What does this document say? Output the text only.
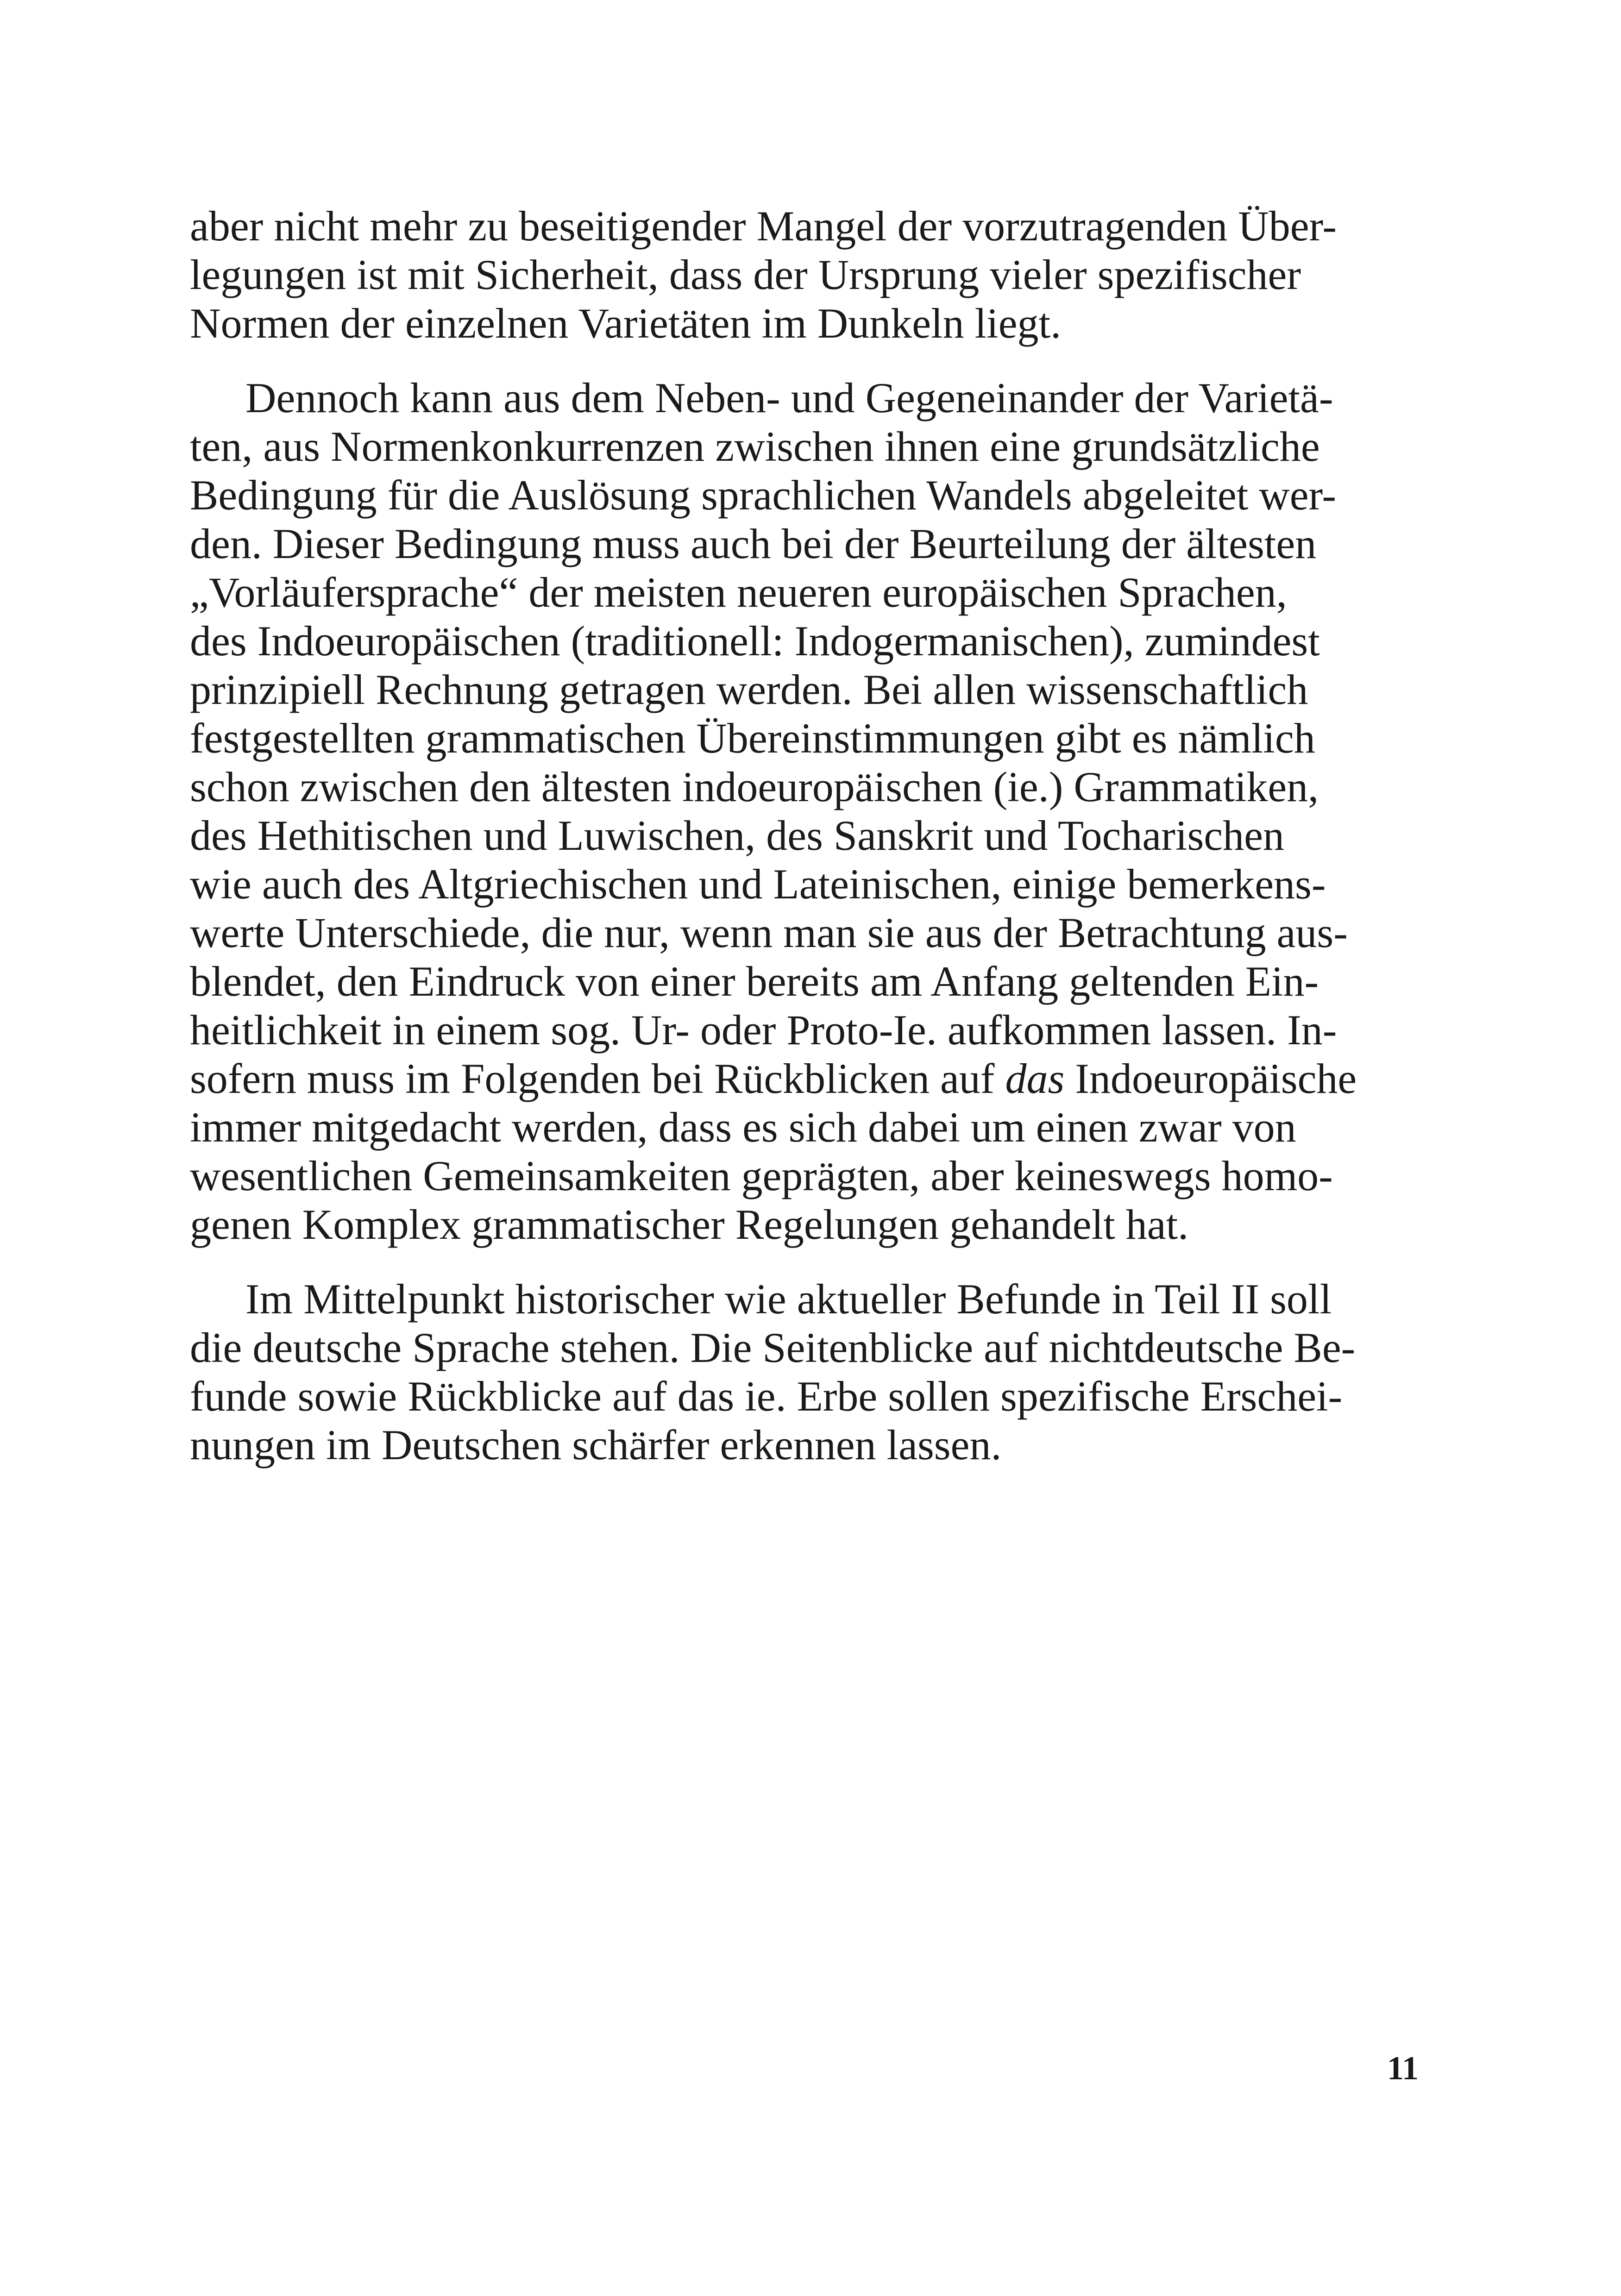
aber nicht mehr zu beseitigender Mangel der vorzutragenden Über-
legungen ist mit Sicherheit, dass der Ursprung vieler spezifischer
Normen der einzelnen Varietäten im Dunkeln liegt.
Dennoch kann aus dem Neben- und Gegeneinander der Varietä-
ten, aus Normenkonkurrenzen zwischen ihnen eine grundsätzliche
Bedingung für die Auslösung sprachlichen Wandels abgeleitet wer-
den. Dieser Bedingung muss auch bei der Beurteilung der ältesten
„Vorläufersprache“ der meisten neueren europäischen Sprachen,
des Indoeuropäischen (traditionell: Indogermanischen), zumindest
prinzipiell Rechnung getragen werden. Bei allen wissenschaftlich
festgestellten grammatischen Übereinstimmungen gibt es nämlich
schon zwischen den ältesten indoeuropäischen (ie.) Grammatiken,
des Hethitischen und Luwischen, des Sanskrit und Tocharischen
wie auch des Altgriechischen und Lateinischen, einige bemerkens-
werte Unterschiede, die nur, wenn man sie aus der Betrachtung aus-
blendet, den Eindruck von einer bereits am Anfang geltenden Ein-
heitlichkeit in einem sog. Ur- oder Proto-Ie. aufkommen lassen. In-
sofern muss im Folgenden bei Rückblicken auf das Indoeuropäische
immer mitgedacht werden, dass es sich dabei um einen zwar von
wesentlichen Gemeinsamkeiten geprägten, aber keineswegs homo-
genen Komplex grammatischer Regelungen gehandelt hat.
Im Mittelpunkt historischer wie aktueller Befunde in Teil II soll
die deutsche Sprache stehen. Die Seitenblicke auf nichtdeutsche Be-
funde sowie Rückblicke auf das ie. Erbe sollen spezifische Erschei-
nungen im Deutschen schärfer erkennen lassen.
11
